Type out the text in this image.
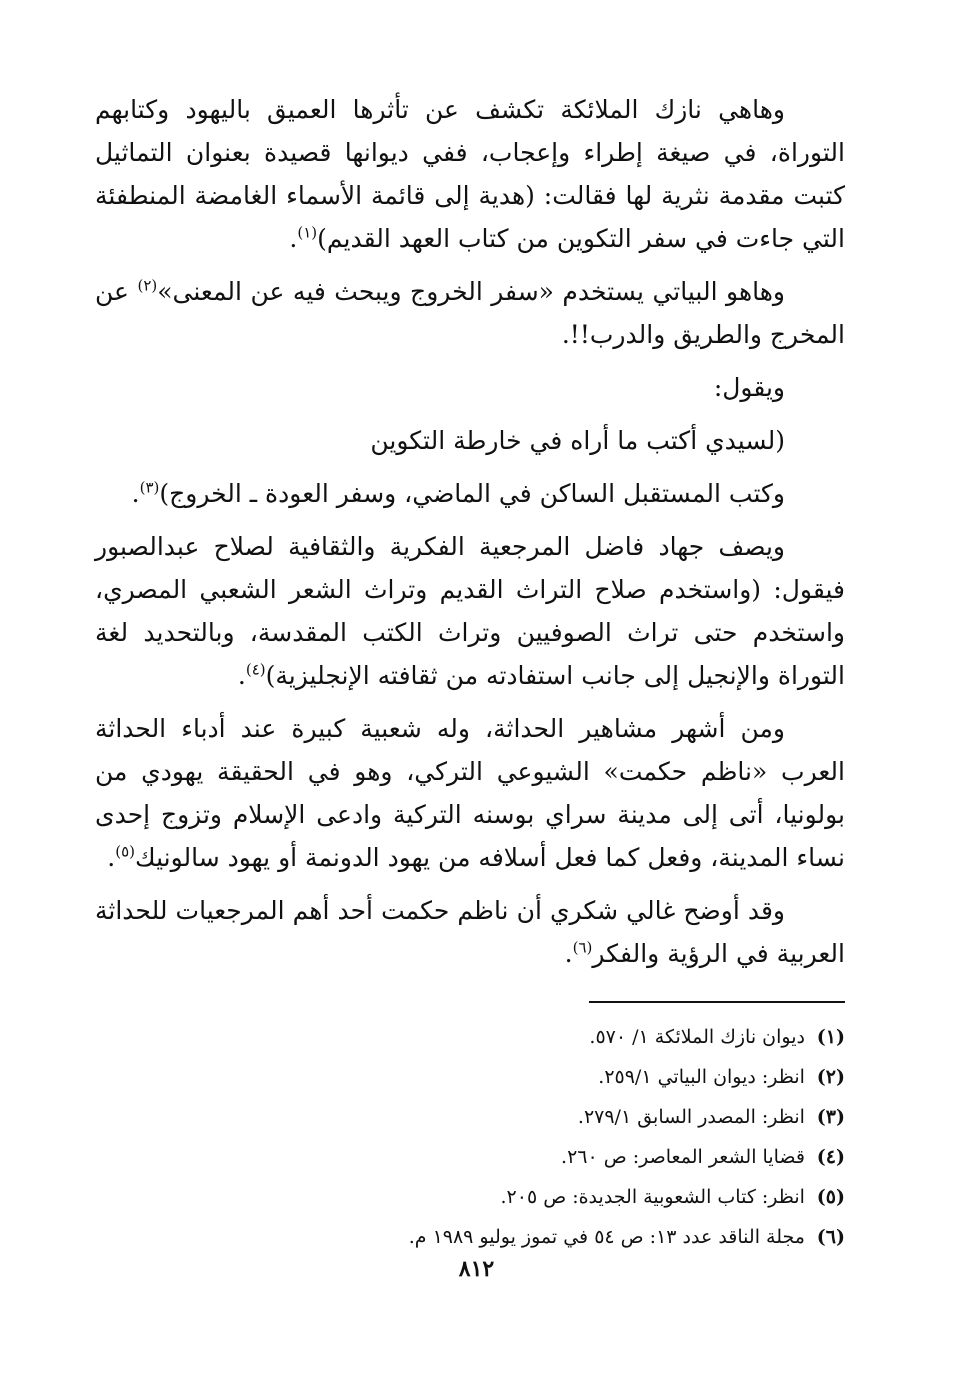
وهاهي نازك الملائكة تكشف عن تأثرها العميق باليهود وكتابهم التوراة، في صيغة إطراء وإعجاب، ففي ديوانها قصيدة بعنوان التماثيل كتبت مقدمة نثرية لها فقالت: (هدية إلى قائمة الأسماء الغامضة المنطفئة التي جاءت في سفر التكوين من كتاب العهد القديم)$^{(١)}$.

وهاهو البياتي يستخدم «سفر الخروج ويبحث فيه عن المعنى»$^{(٢)}$ عن المخرج والطريق والدرب!!.

ويقول:

(لسيدي أكتب ما أراه في خارطة التكوين

وكتب المستقبل الساكن في الماضي، وسفر العودة ـ الخروج)$^{(٣)}$.

ويصف جهاد فاضل المرجعية الفكرية والثقافية لصلاح عبدالصبور فيقول: (واستخدم صلاح التراث القديم وتراث الشعر الشعبي المصري، واستخدم حتى تراث الصوفيين وتراث الكتب المقدسة، وبالتحديد لغة التوراة والإنجيل إلى جانب استفادته من ثقافته الإنجليزية)$^{(٤)}$.

ومن أشهر مشاهير الحداثة، وله شعبية كبيرة عند أدباء الحداثة العرب «ناظم حكمت» الشيوعي التركي، وهو في الحقيقة يهودي من بولونيا، أتى إلى مدينة سراي بوسنه التركية وادعى الإسلام وتزوج إحدى نساء المدينة، وفعل كما فعل أسلافه من يهود الدونمة أو يهود سالونيك$^{(٥)}$.

وقد أوضح غالي شكري أن ناظم حكمت أحد أهم المرجعيات للحداثة العربية في الرؤية والفكر$^{(٦)}$.

(١) ديوان نازك الملائكة ١/ ٥٧٠.
(٢) انظر: ديوان البياتي ٢٥٩/١.
(٣) انظر: المصدر السابق ٢٧٩/١.
(٤) قضايا الشعر المعاصر: ص ٢٦٠.
(٥) انظر: كتاب الشعوبية الجديدة: ص ٢٠٥.
(٦) مجلة الناقد عدد ١٣: ص ٥٤ في تموز يوليو ١٩٨٩ م.
٨١٢
